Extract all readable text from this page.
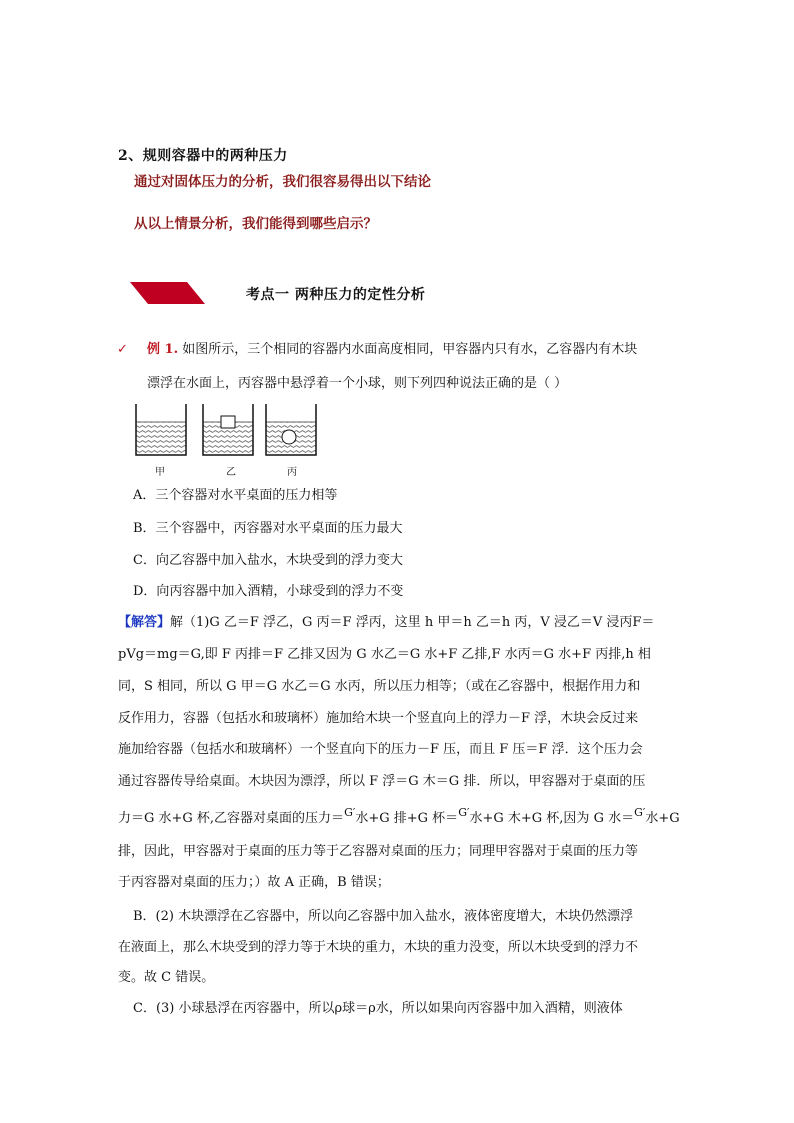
2、规则容器中的两种压力
通过对固体压力的分析，我们很容易得出以下结论
从以上情景分析，我们能得到哪些启示？
考点一 两种压力的定性分析
✓ 例 1. 如图所示，三个相同的容器内水面高度相同，甲容器内只有水，乙容器内有木块
漂浮在水面上，丙容器中悬浮着一个小球，则下列四种说法正确的是（ ）
甲	乙	丙
A．三个容器对水平桌面的压力相等
B．三个容器中，丙容器对水平桌面的压力最大
C．向乙容器中加入盐水，木块受到的浮力变大
D．向丙容器中加入酒精，小球受到的浮力不变
【解答】解（1)G 乙＝F 浮乙，G 丙＝F 浮丙，这里 h 甲＝h 乙＝h 丙，V 浸乙＝V 浸丙F＝
pVg＝mg＝G,即 F 丙排＝F 乙排又因为 G 水乙＝G 水+F 乙排,F 水丙＝G 水+F 丙排,h 相
同，S 相同，所以 G 甲＝G 水乙＝G 水丙，所以压力相等；（或在乙容器中，根据作用力和
反作用力，容器（包括水和玻璃杯）施加给木块一个竖直向上的浮力－F 浮，木块会反过来
施加给容器（包括水和玻璃杯）一个竖直向下的压力－F 压，而且 F 压＝F 浮．这个压力会
通过容器传导给桌面。木块因为漂浮，所以 F 浮＝G 木＝G 排．所以，甲容器对于桌面的压
力＝G 水+G 杯,乙容器对桌面的压力＝$^{G'}$水+G 排+G 杯＝$^{G'}$水+G 木+G 杯,因为 G 水＝$^{G'}$水+G
排，因此，甲容器对于桌面的压力等于乙容器对桌面的压力；同理甲容器对于桌面的压力等
于丙容器对桌面的压力；）故 A 正确，B 错误；
B．(2) 木块漂浮在乙容器中，所以向乙容器中加入盐水，液体密度增大，木块仍然漂浮
在液面上，那么木块受到的浮力等于木块的重力，木块的重力没变，所以木块受到的浮力不
变。故 C 错误。
C．(3) 小球悬浮在丙容器中，所以ρ球＝ρ水，所以如果向丙容器中加入酒精，则液体
